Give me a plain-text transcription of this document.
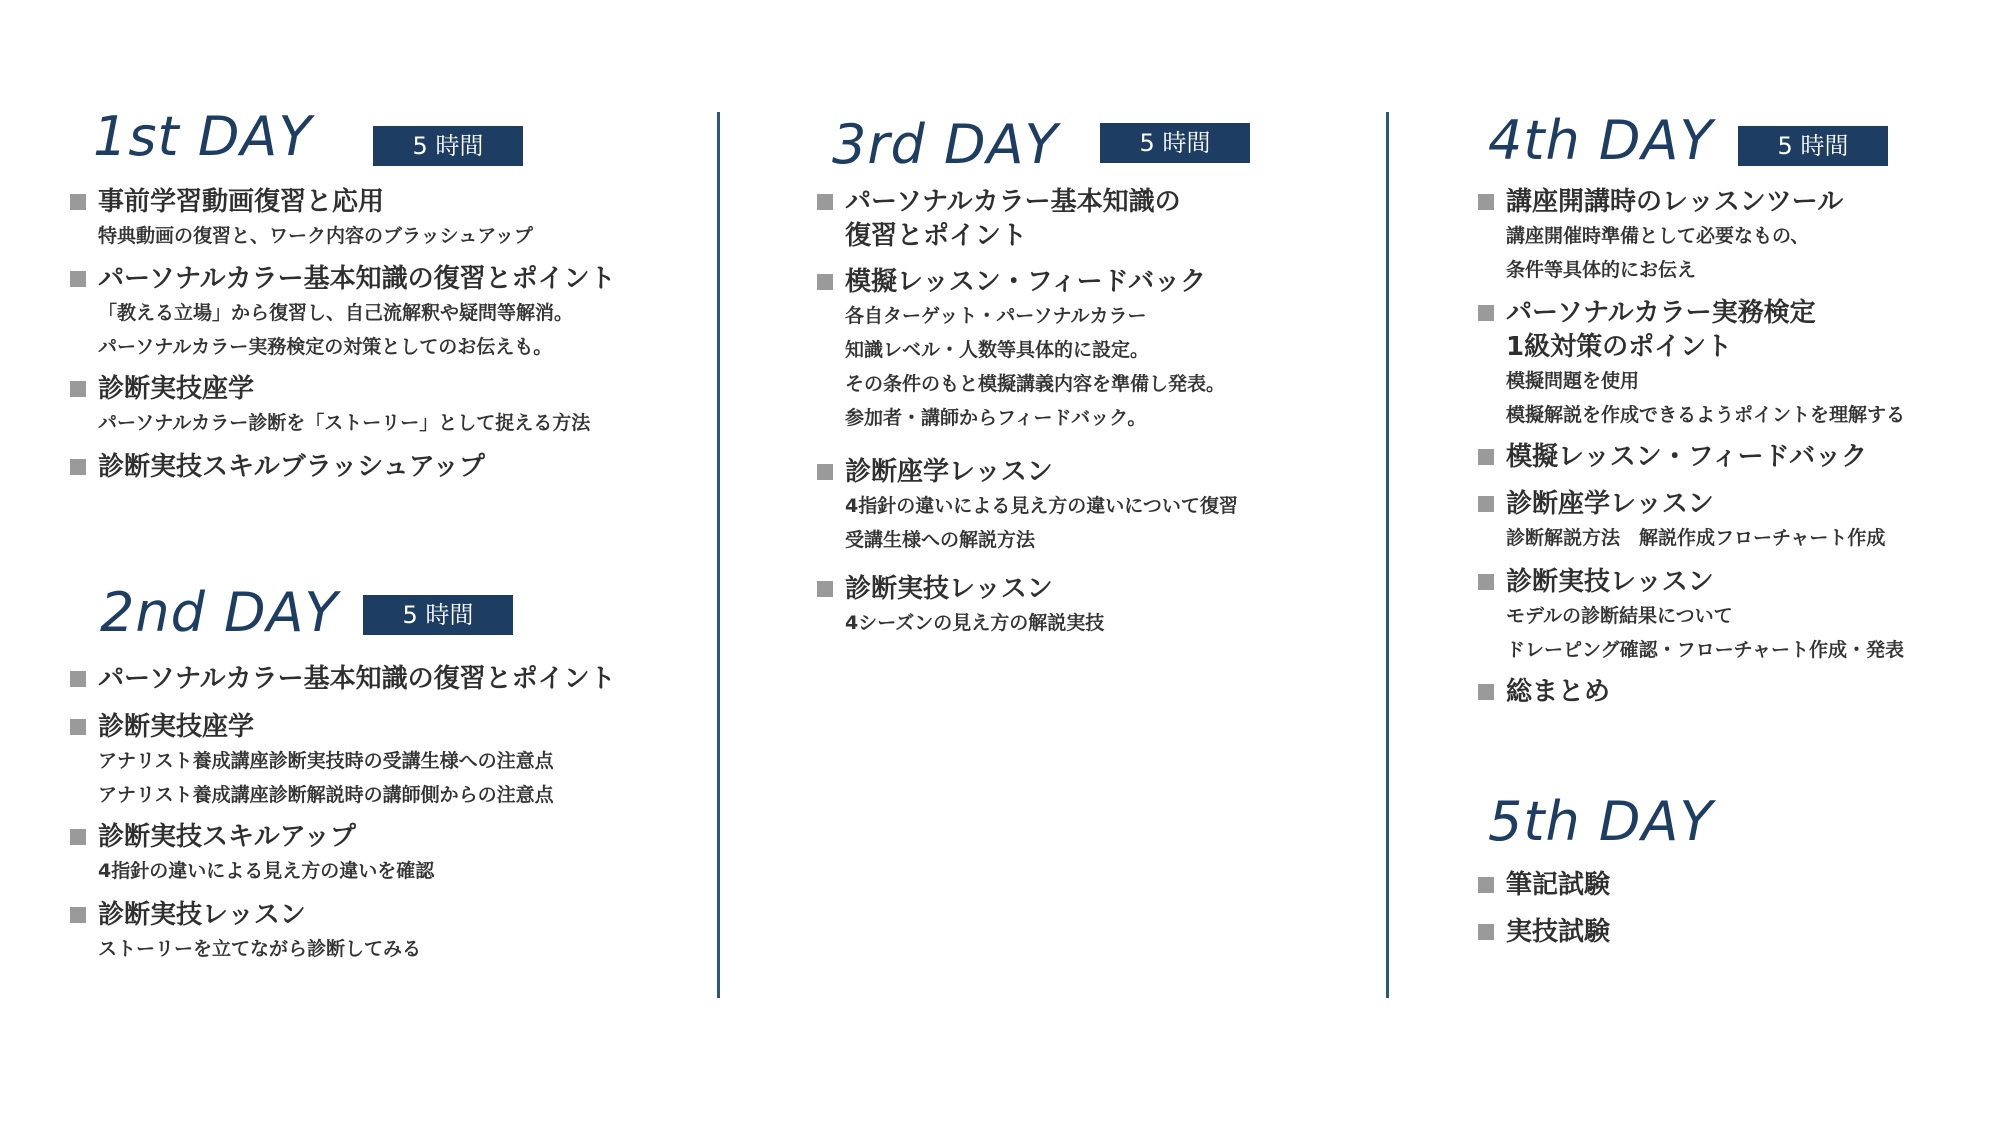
1st DAY	5 時間
事前学習動画復習と応用
特典動画の復習と、ワーク内容のブラッシュアップ
パーソナルカラー基本知識の復習とポイント
「教える立場」から復習し、自己流解釈や疑問等解消。
パーソナルカラー実務検定の対策としてのお伝えも。
診断実技座学
パーソナルカラー診断を「ストーリー」として捉える方法
診断実技スキルブラッシュアップ
2nd DAY	5 時間
パーソナルカラー基本知識の復習とポイント
診断実技座学
アナリスト養成講座診断実技時の受講生様への注意点
アナリスト養成講座診断解説時の講師側からの注意点
診断実技スキルアップ
4指針の違いによる見え方の違いを確認
診断実技レッスン
ストーリーを立てながら診断してみる
3rd DAY	5 時間
パーソナルカラー基本知識の
復習とポイント
模擬レッスン・フィードバック
各自ターゲット・パーソナルカラー
知識レベル・人数等具体的に設定。
その条件のもと模擬講義内容を準備し発表。
参加者・講師からフィードバック。
診断座学レッスン
4指針の違いによる見え方の違いについて復習
受講生様への解説方法
診断実技レッスン
4シーズンの見え方の解説実技
4th DAY	5 時間
講座開講時のレッスンツール
講座開催時準備として必要なもの、
条件等具体的にお伝え
パーソナルカラー実務検定
1級対策のポイント
模擬問題を使用
模擬解説を作成できるようポイントを理解する
模擬レッスン・フィードバック
診断座学レッスン
診断解説方法　解説作成フローチャート作成
診断実技レッスン
モデルの診断結果について
ドレーピング確認・フローチャート作成・発表
総まとめ
5th DAY
筆記試験
実技試験
